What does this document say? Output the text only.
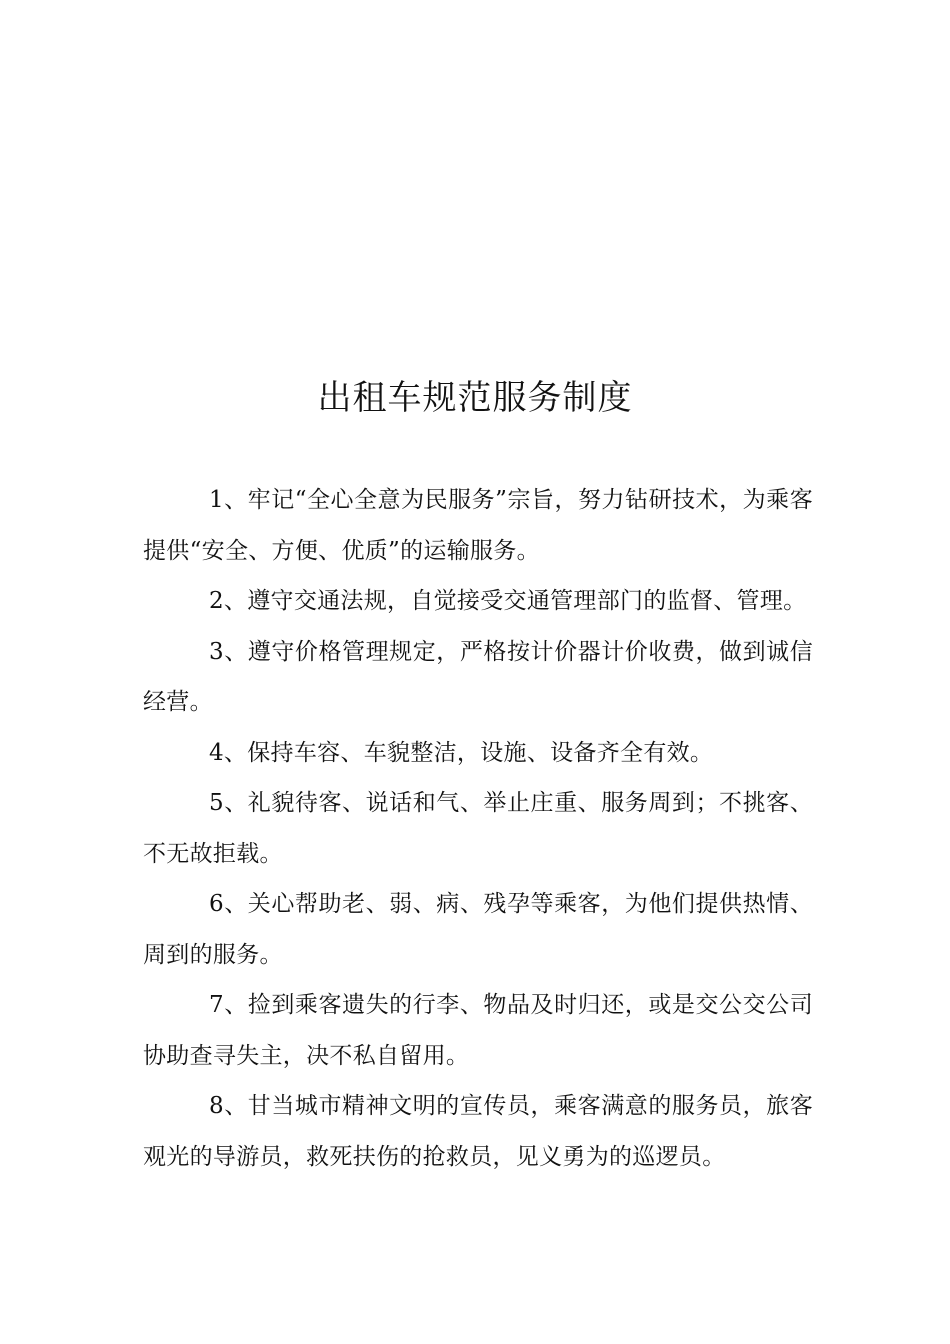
出租车规范服务制度

1、牢记“全心全意为民服务”宗旨，努力钻研技术，为乘客提供“安全、方便、优质”的运输服务。

2、遵守交通法规，自觉接受交通管理部门的监督、管理。

3、遵守价格管理规定，严格按计价器计价收费，做到诚信经营。

4、保持车容、车貌整洁，设施、设备齐全有效。

5、礼貌待客、说话和气、举止庄重、服务周到；不挑客、不无故拒载。

6、关心帮助老、弱、病、残孕等乘客，为他们提供热情、周到的服务。

7、捡到乘客遗失的行李、物品及时归还，或是交公交公司协助查寻失主，决不私自留用。

8、甘当城市精神文明的宣传员，乘客满意的服务员，旅客观光的导游员，救死扶伤的抢救员，见义勇为的巡逻员。
